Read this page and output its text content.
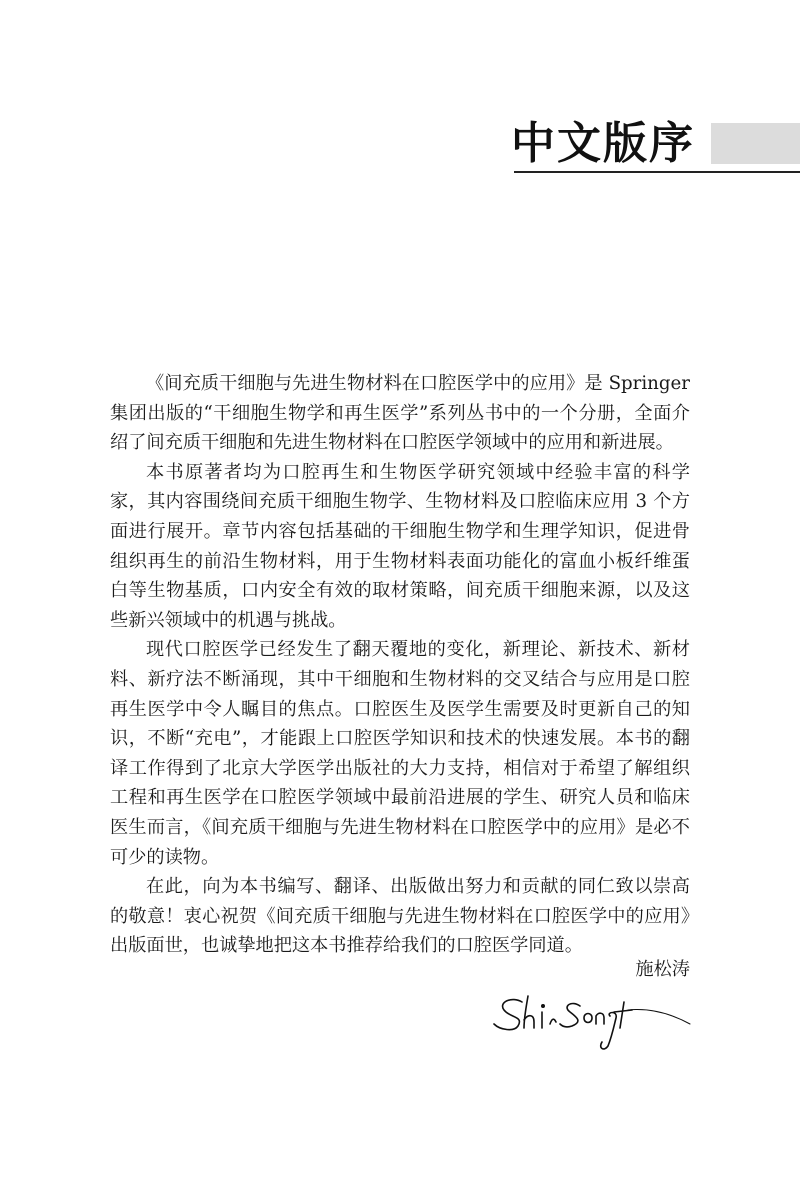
中文版序

《间充质干细胞与先进生物材料在口腔医学中的应用》是 Springer 集团出版的“干细胞生物学和再生医学”系列丛书中的一个分册，全面介绍了间充质干细胞和先进生物材料在口腔医学领域中的应用和新进展。

本书原著者均为口腔再生和生物医学研究领域中经验丰富的科学家，其内容围绕间充质干细胞生物学、生物材料及口腔临床应用 3 个方面进行展开。章节内容包括基础的干细胞生物学和生理学知识，促进骨组织再生的前沿生物材料，用于生物材料表面功能化的富血小板纤维蛋白等生物基质，口内安全有效的取材策略，间充质干细胞来源，以及这些新兴领域中的机遇与挑战。

现代口腔医学已经发生了翻天覆地的变化，新理论、新技术、新材料、新疗法不断涌现，其中干细胞和生物材料的交叉结合与应用是口腔再生医学中令人瞩目的焦点。口腔医生及医学生需要及时更新自己的知识，不断“充电”，才能跟上口腔医学知识和技术的快速发展。本书的翻译工作得到了北京大学医学出版社的大力支持，相信对于希望了解组织工程和再生医学在口腔医学领域中最前沿进展的学生、研究人员和临床医生而言，《间充质干细胞与先进生物材料在口腔医学中的应用》是必不可少的读物。

在此，向为本书编写、翻译、出版做出努力和贡献的同仁致以崇高的敬意！衷心祝贺《间充质干细胞与先进生物材料在口腔医学中的应用》出版面世，也诚挚地把这本书推荐给我们的口腔医学同道。

施松涛
